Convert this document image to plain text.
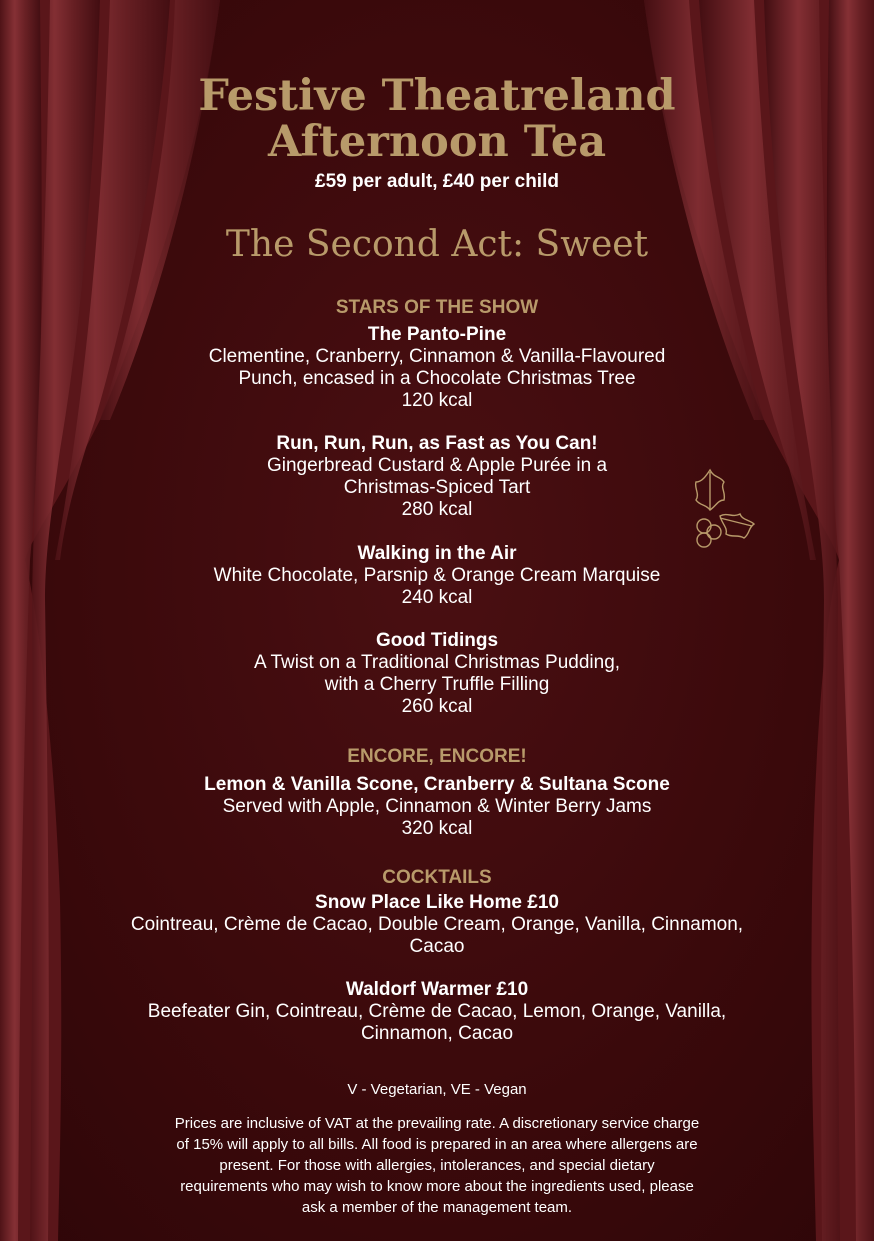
Festive Theatreland
Afternoon Tea
£59 per adult, £40 per child
The Second Act: Sweet
STARS OF THE SHOW
The Panto-Pine
Clementine, Cranberry, Cinnamon & Vanilla-Flavoured
Punch, encased in a Chocolate Christmas Tree
120 kcal
Run, Run, Run, as Fast as You Can!
Gingerbread Custard & Apple Purée in a
Christmas-Spiced Tart
280 kcal
Walking in the Air
White Chocolate, Parsnip & Orange Cream Marquise
240 kcal
Good Tidings
A Twist on a Traditional Christmas Pudding,
with a Cherry Truffle Filling
260 kcal
ENCORE, ENCORE!
Lemon & Vanilla Scone, Cranberry & Sultana Scone
Served with Apple, Cinnamon & Winter Berry Jams
320 kcal
COCKTAILS
Snow Place Like Home £10
Cointreau, Crème de Cacao, Double Cream, Orange, Vanilla, Cinnamon,
Cacao
Waldorf Warmer £10
Beefeater Gin, Cointreau, Crème de Cacao, Lemon, Orange, Vanilla,
Cinnamon, Cacao
V - Vegetarian, VE - Vegan
Prices are inclusive of VAT at the prevailing rate. A discretionary service charge
of 15% will apply to all bills. All food is prepared in an area where allergens are
present. For those with allergies, intolerances, and special dietary
requirements who may wish to know more about the ingredients used, please
ask a member of the management team.
